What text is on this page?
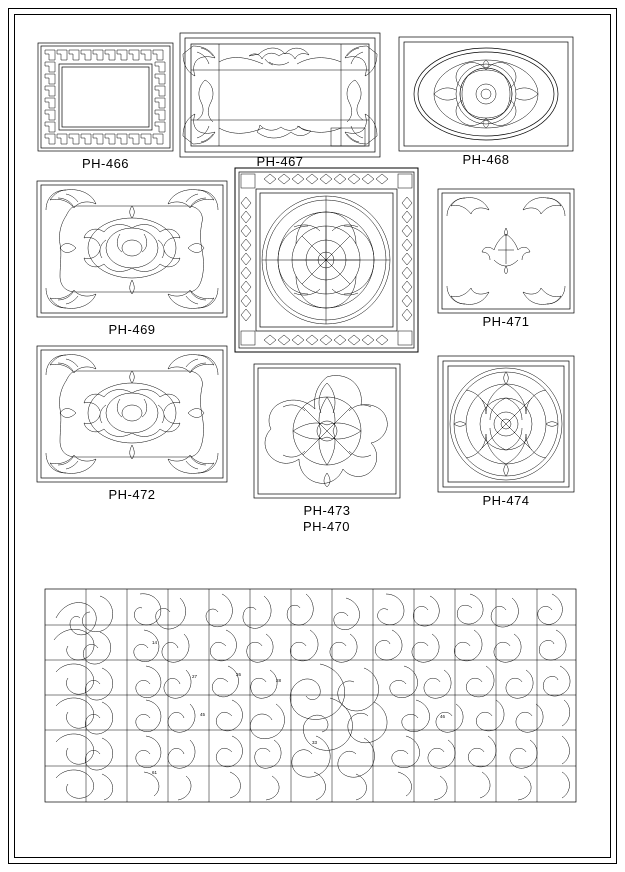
PH-466	PH-467	PH-468
PH-469
PH-470
PH-471
PH-472
PH-473
PH-474
14
27	26
28
45	46
33
61
